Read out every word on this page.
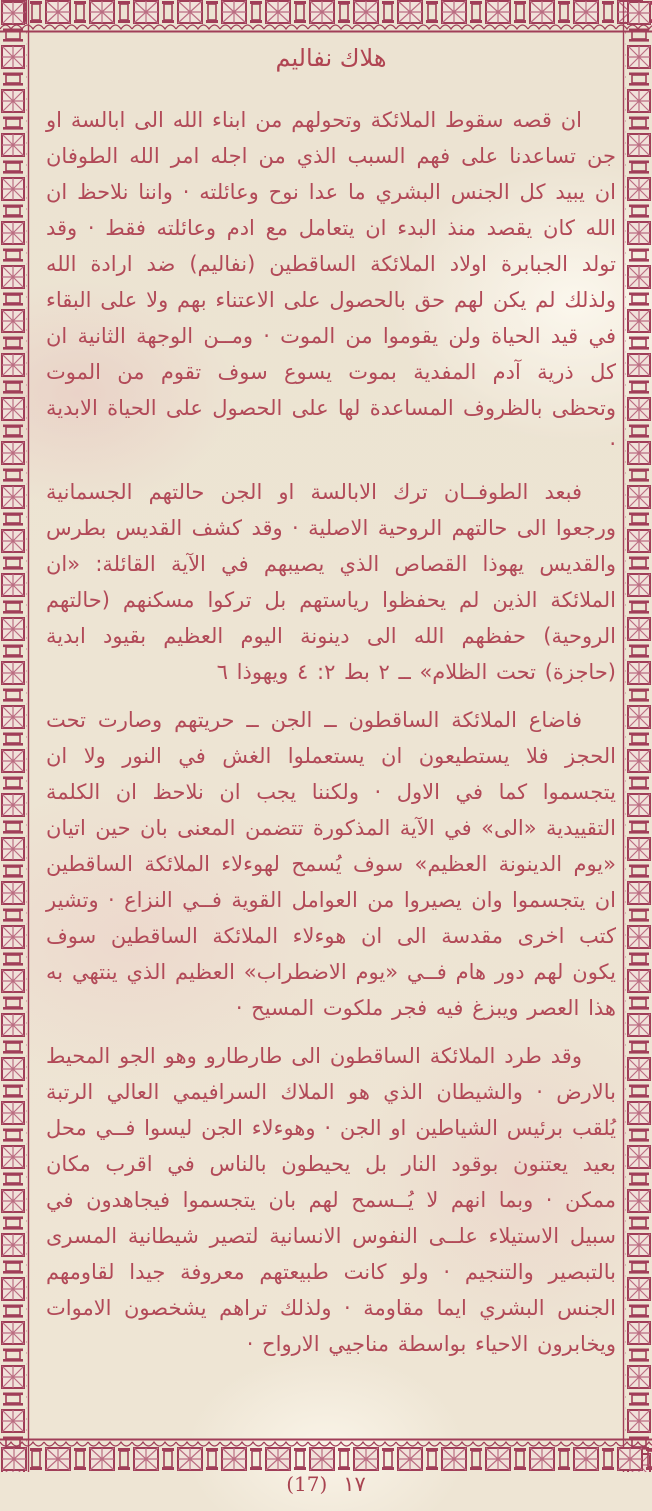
هلاك نفاليم

ان قصه سقوط الملائكة وتحولهم من ابناء الله الى ابالسة او جن تساعدنا على فهم السبب الذي من اجله امر الله الطوفان ان يبيد كل الجنس البشري ما عدا نوح وعائلته · واننا نلاحظ ان الله كان يقصد منذ البدء ان يتعامل مع ادم وعائلته فقط · وقد تولد الجبابرة اولاد الملائكة الساقطين (نفاليم) ضد ارادة الله ولذلك لم يكن لهم حق بالحصول على الاعتناء بهم ولا على البقاء في قيد الحياة ولن يقوموا من الموت · ومــن الوجهة الثانية ان كل ذرية آدم المفدية بموت يسوع سوف تقوم من الموت وتحظى بالظروف المساعدة لها على الحصول على الحياة الابدية ·

فبعد الطوفــان ترك الابالسة او الجن حالتهم الجسمانية ورجعوا الى حالتهم الروحية الاصلية · وقد كشف القديس بطرس والقديس يهوذا القصاص الذي يصيبهم في الآية القائلة: «ان الملائكة الذين لم يحفظوا رياستهم بل تركوا مسكنهم (حالتهم الروحية) حفظهم الله الى دينونة اليوم العظيم بقيود ابدية (حاجزة) تحت الظلام» ــ ٢ بط ٢: ٤ ويهوذا ٦

فاضاع الملائكة الساقطون ــ الجن ــ حريتهم وصارت تحت الحجز فلا يستطيعون ان يستعملوا الغش في النور ولا ان يتجسموا كما في الاول · ولكننا يجب ان نلاحظ ان الكلمة التقييدية «الى» في الآية المذكورة تتضمن المعنى بان حين اتيان «يوم الدينونة العظيم» سوف يُسمح لهوءلاء الملائكة الساقطين ان يتجسموا وان يصيروا من العوامل القوية فــي النزاع · وتشير كتب اخرى مقدسة الى ان هوءلاء الملائكة الساقطين سوف يكون لهم دور هام فــي «يوم الاضطراب» العظيم الذي ينتهي به هذا العصر ويبزغ فيه فجر ملكوت المسيح ·

وقد طرد الملائكة الساقطون الى طارطارو وهو الجو المحيط بالارض · والشيطان الذي هو الملاك السرافيمي العالي الرتبة يُلقب برئيس الشياطين او الجن · وهوءلاء الجن ليسوا فــي محل بعيد يعتنون بوقود النار بل يحيطون بالناس في اقرب مكان ممكن · وبما انهم لا يُــسمح لهم بان يتجسموا فيجاهدون في سبيل الاستيلاء علــى النفوس الانسانية لتصير شيطانية المسرى بالتبصير والتنجيم · ولو كانت طبيعتهم معروفة جيدا لقاومهم الجنس البشري ايما مقاومة · ولذلك تراهم يشخصون الاموات ويخابرون الاحياء بواسطة مناجيي الارواح ·

(17) ١٧
